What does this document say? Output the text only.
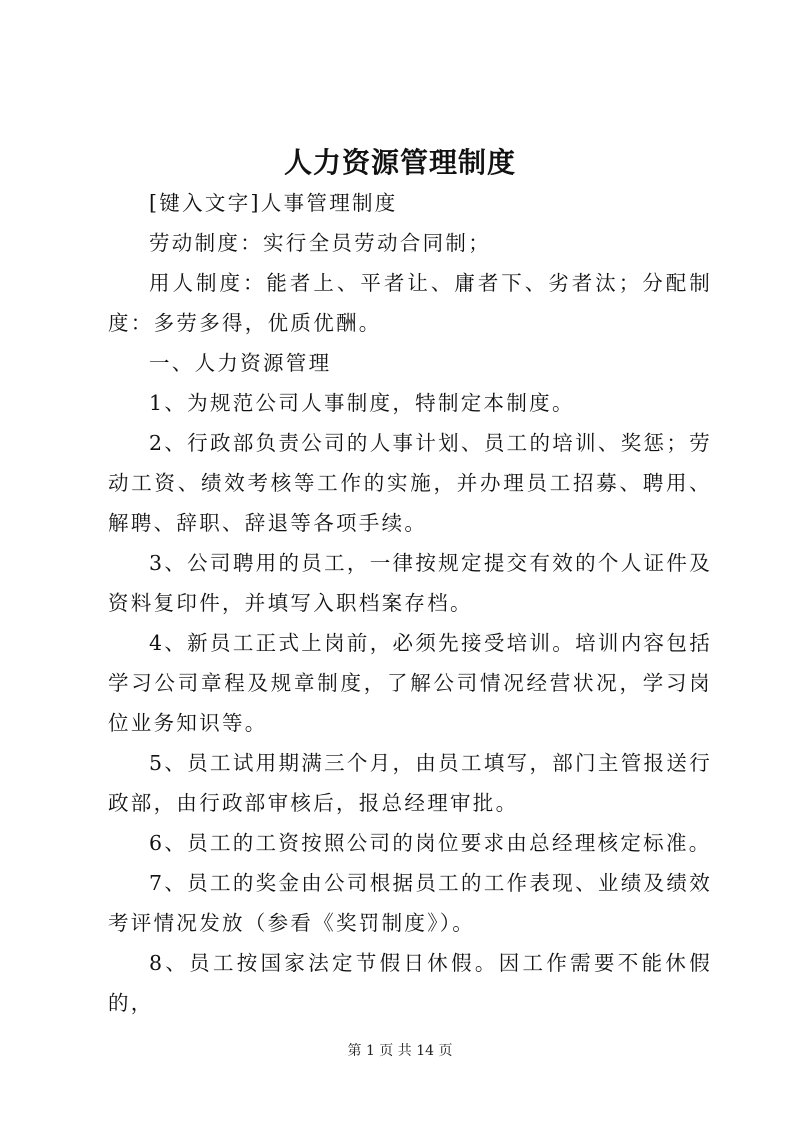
人力资源管理制度

[键入文字]人事管理制度

劳动制度：实行全员劳动合同制；

用人制度：能者上、平者让、庸者下、劣者汰；分配制度：多劳多得，优质优酬。

一、人力资源管理

1、为规范公司人事制度，特制定本制度。

2、行政部负责公司的人事计划、员工的培训、奖惩；劳动工资、绩效考核等工作的实施，并办理员工招募、聘用、解聘、辞职、辞退等各项手续。

3、公司聘用的员工，一律按规定提交有效的个人证件及资料复印件，并填写入职档案存档。

4、新员工正式上岗前，必须先接受培训。培训内容包括学习公司章程及规章制度，了解公司情况经营状况，学习岗位业务知识等。

5、员工试用期满三个月，由员工填写，部门主管报送行政部，由行政部审核后，报总经理审批。

6、员工的工资按照公司的岗位要求由总经理核定标准。

7、员工的奖金由公司根据员工的工作表现、业绩及绩效考评情况发放（参看《奖罚制度》）。

8、员工按国家法定节假日休假。因工作需要不能休假的，

第 1 页 共 14 页
